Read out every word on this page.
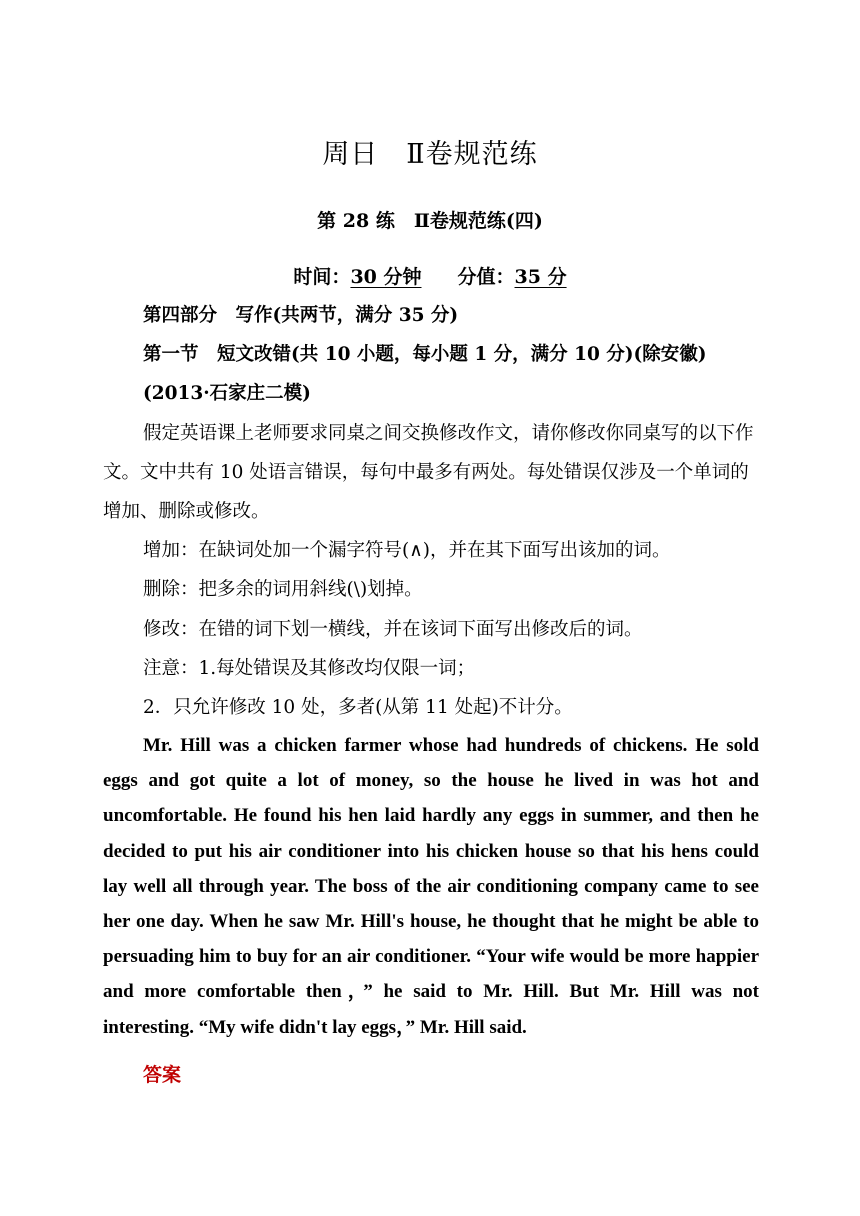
周日　Ⅱ卷规范练
第 28 练　Ⅱ卷规范练(四)
时间：30 分钟 分值：35 分

第四部分　写作(共两节，满分 35 分)

第一节　短文改错(共 10 小题，每小题 1 分，满分 10 分)(除安徽)

(2013·石家庄二模)

假定英语课上老师要求同桌之间交换修改作文，请你修改你同桌写的以下作文。文中共有 10 处语言错误，每句中最多有两处。每处错误仅涉及一个单词的增加、删除或修改。

增加：在缺词处加一个漏字符号(∧)，并在其下面写出该加的词。

删除：把多余的词用斜线(\)划掉。

修改：在错的词下划一横线，并在该词下面写出修改后的词。

注意：1.每处错误及其修改均仅限一词；

2．只允许修改 10 处，多者(从第 11 处起)不计分。

Mr. Hill was a chicken farmer whose had hundreds of chickens. He sold eggs and got quite a lot of money, so the house he lived in was hot and uncomfortable. He found his hen laid hardly any eggs in summer, and then he decided to put his air conditioner into his chicken house so that his hens could lay well all through year. The boss of the air conditioning company came to see her one day. When he saw Mr. Hill's house, he thought that he might be able to persuading him to buy for an air conditioner. “Your wife would be more happier and more comfortable then，” he said to Mr. Hill. But Mr. Hill was not interesting. “My wife didn't lay eggs，” Mr. Hill said.

答案
